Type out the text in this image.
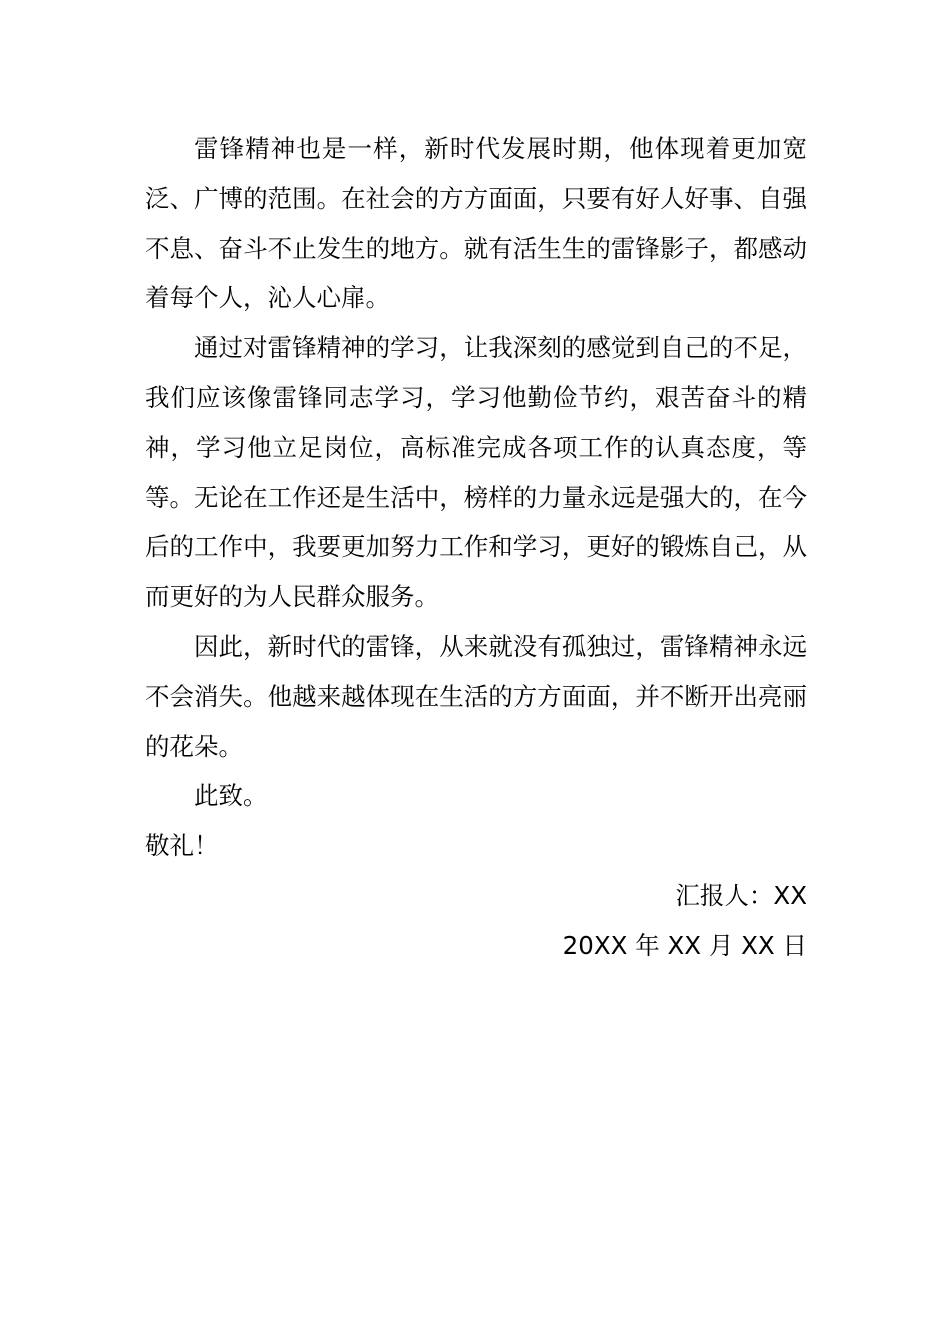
雷锋精神也是一样，新时代发展时期，他体现着更加宽泛、广博的范围。在社会的方方面面，只要有好人好事、自强不息、奋斗不止发生的地方。就有活生生的雷锋影子，都感动着每个人，沁人心扉。

通过对雷锋精神的学习，让我深刻的感觉到自己的不足，我们应该像雷锋同志学习，学习他勤俭节约，艰苦奋斗的精神，学习他立足岗位，高标准完成各项工作的认真态度，等等。无论在工作还是生活中，榜样的力量永远是强大的，在今后的工作中，我要更加努力工作和学习，更好的锻炼自己，从而更好的为人民群众服务。

因此，新时代的雷锋，从来就没有孤独过，雷锋精神永远不会消失。他越来越体现在生活的方方面面，并不断开出亮丽的花朵。

此致。

敬礼！

汇报人：XX

20XX 年 XX 月 XX 日
